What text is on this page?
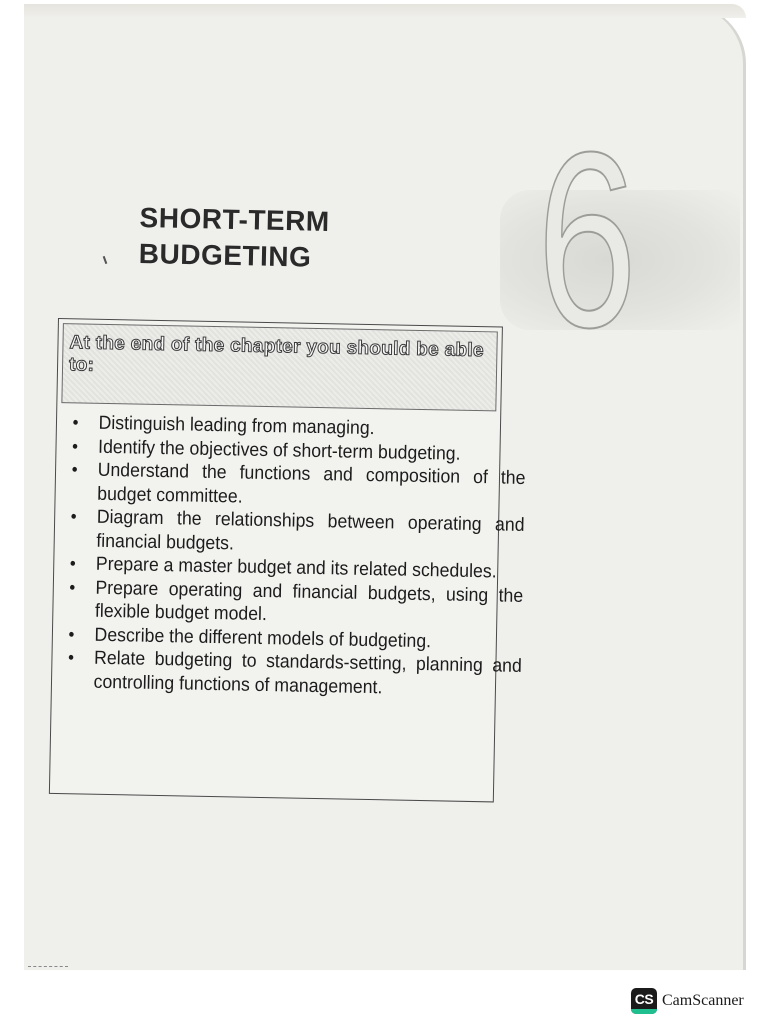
6
SHORT-TERM
BUDGETING
At the end of the chapter you should be able to:
• Distinguish leading from managing.
• Identify the objectives of short-term budgeting.
• Understand the functions and composition of the budget committee.
• Diagram the relationships between operating and financial budgets.
• Prepare a master budget and its related schedules.
• Prepare operating and financial budgets, using the flexible budget model.
• Describe the different models of budgeting.
• Relate budgeting to standards-setting, planning and controlling functions of management.
CS CamScanner
